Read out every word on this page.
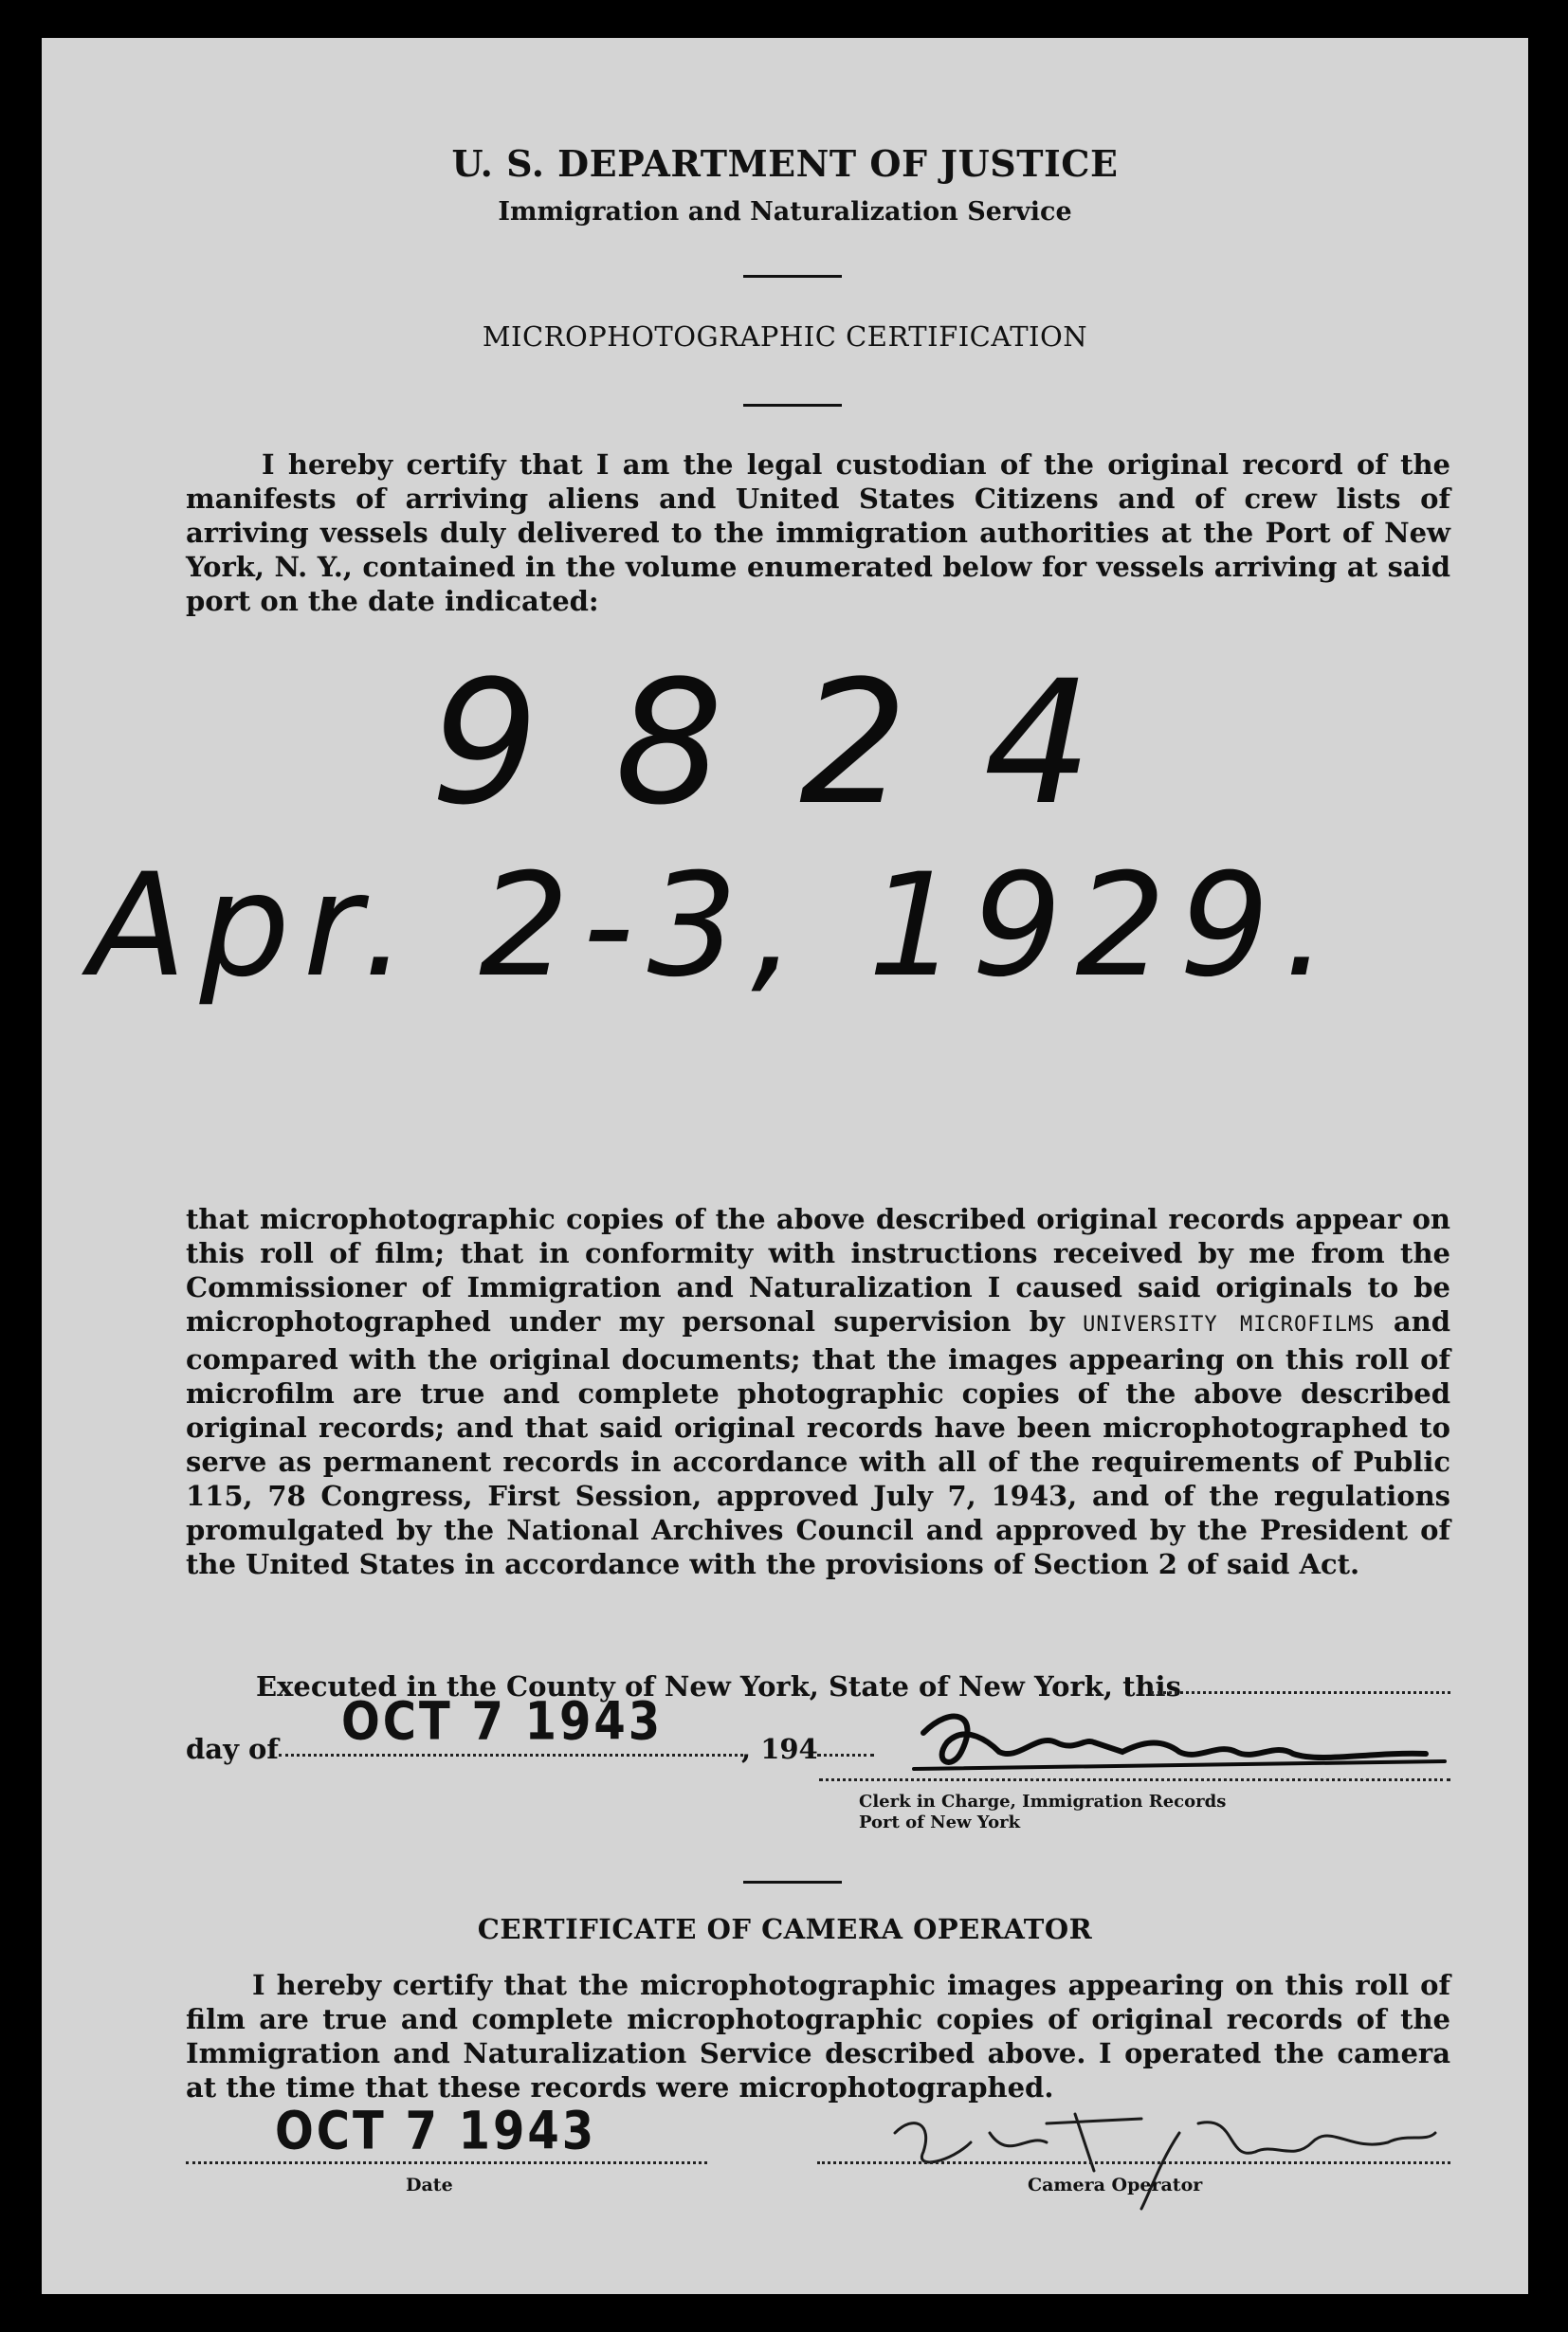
U. S. DEPARTMENT OF JUSTICE
Immigration and Naturalization Service
MICROPHOTOGRAPHIC CERTIFICATION

I hereby certify that I am the legal custodian of the original record of the manifests of arriving aliens and United States Citizens and of crew lists of arriving vessels duly delivered to the immigration authorities at the Port of New York, N. Y., contained in the volume enumerated below for vessels arriving at said port on the date indicated:

9824
Apr. 2-3, 1929.

that microphotographic copies of the above described original records appear on this roll of film; that in conformity with instructions received by me from the Commissioner of Immigration and Naturalization I caused said originals to be microphotographed under my personal supervision by UNIVERSITY MICROFILMS and compared with the original documents; that the images appearing on this roll of microfilm are true and complete photographic copies of the above described original records; and that said original records have been microphotographed to serve as permanent records in accordance with all of the requirements of Public 115, 78 Congress, First Session, approved July 7, 1943, and of the regulations promulgated by the National Archives Council and approved by the President of the United States in accordance with the provisions of Section 2 of said Act.

Executed in the County of New York, State of New York, this
day of	, 194
OCT 7 1943
Clerk in Charge, Immigration Records
Port of New York
CERTIFICATE OF CAMERA OPERATOR

I hereby certify that the microphotographic images appearing on this roll of film are true and complete microphotographic copies of original records of the Immigration and Naturalization Service described above. I operated the camera at the time that these records were microphotographed.

OCT 7 1943
Date	Camera Operator
